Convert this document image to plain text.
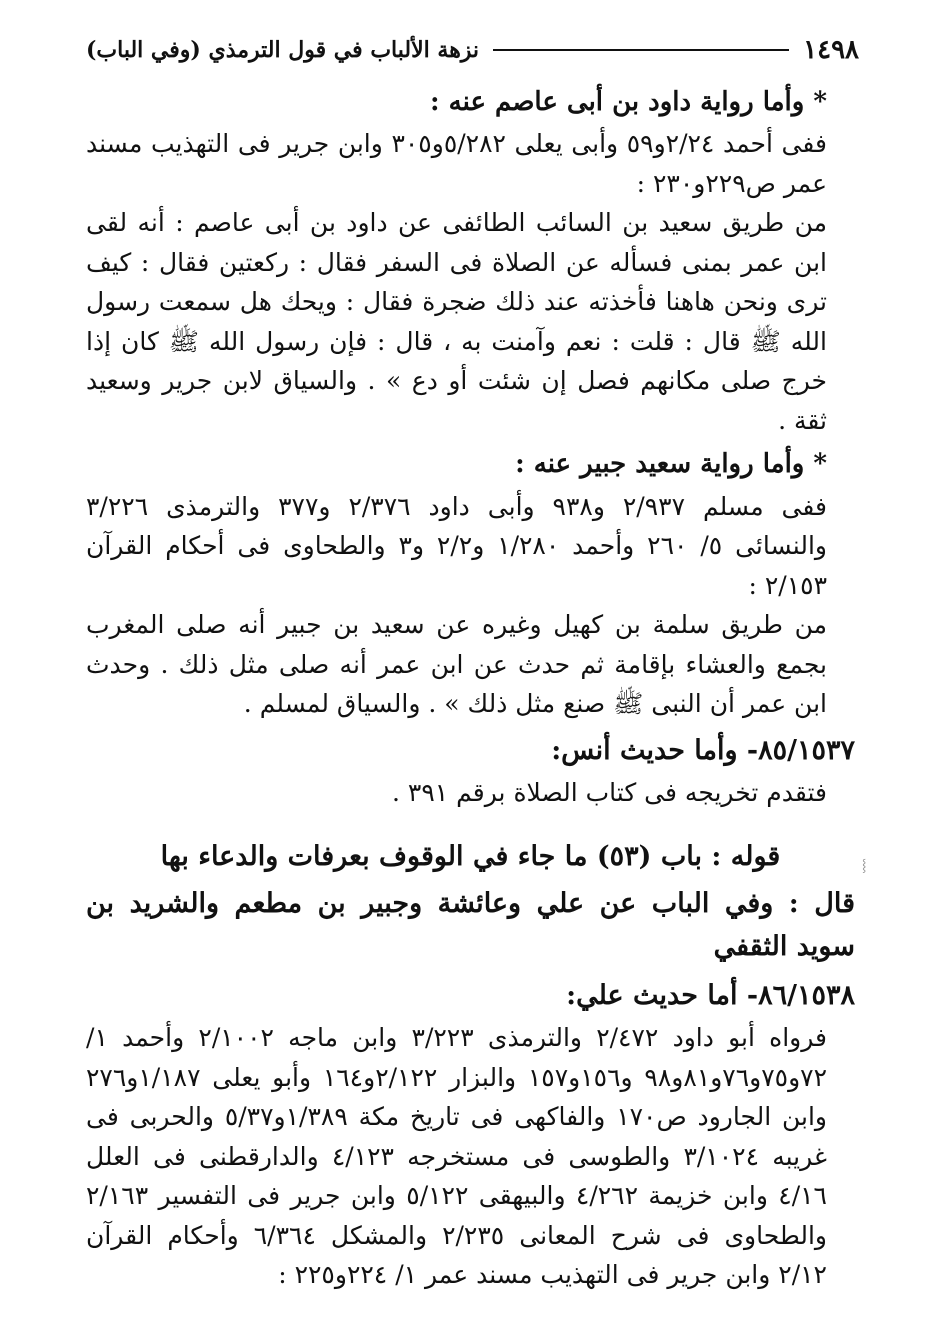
١٤٩٨
نزهة الألباب في قول الترمذي (وفي الباب)
* وأما رواية داود بن أبى عاصم عنه :
ففى أحمد ٢/٢٤و٥٩ وأبى يعلى ٥/٢٨٢و٣٠٥ وابن جرير فى التهذيب مسند عمر ص٢٢٩و٢٣٠ :
من طريق سعيد بن السائب الطائفى عن داود بن أبى عاصم : أنه لقى ابن عمر بمنى فسأله عن الصلاة فى السفر فقال : ركعتين فقال : كيف ترى ونحن هاهنا فأخذته عند ذلك ضجرة فقال : ويحك هل سمعت رسول الله ﷺ قال : قلت : نعم وآمنت به ، قال : فإن رسول الله ﷺ كان إذا خرج صلى مكانهم فصل إن شئت أو دع » . والسياق لابن جرير وسعيد ثقة .
* وأما رواية سعيد جبير عنه :
ففى مسلم ٢/٩٣٧ و٩٣٨ وأبى داود ٢/٣٧٦ و٣٧٧ والترمذى ٣/٢٢٦ والنسائى ٥/ ٢٦٠ وأحمد ١/٢٨٠ و٢/٢ و٣ والطحاوى فى أحكام القرآن ٢/١٥٣ :
من طريق سلمة بن كهيل وغيره عن سعيد بن جبير أنه صلى المغرب بجمع والعشاء بإقامة ثم حدث عن ابن عمر أنه صلى مثل ذلك . وحدث ابن عمر أن النبى ﷺ صنع مثل ذلك » . والسياق لمسلم .
٨٥/١٥٣٧- وأما حديث أنس:
فتقدم تخريجه فى كتاب الصلاة برقم ٣٩١ .
قوله : باب (٥٣) ما جاء في الوقوف بعرفات والدعاء بها
قال : وفي الباب عن علي وعائشة وجبير بن مطعم والشريد بن سويد الثقفي
٨٦/١٥٣٨- أما حديث علي:
فرواه أبو داود ٢/٤٧٢ والترمذى ٣/٢٢٣ وابن ماجه ٢/١٠٠٢ وأحمد ١/ ٧٢و٧٥و٧٦و٨١و٩٨ و١٥٦و١٥٧ والبزار ٢/١٢٢و١٦٤ وأبو يعلى ١/١٨٧و٢٧٦ وابن الجارود ص١٧٠ والفاكهى فى تاريخ مكة ١/٣٨٩و٥/٣٧ والحربى فى غريبه ٣/١٠٢٤ والطوسى فى مستخرجه ٤/١٢٣ والدارقطنى فى العلل ٤/١٦ وابن خزيمة ٤/٢٦٢ والبيهقى ٥/١٢٢ وابن جرير فى التفسير ٢/١٦٣ والطحاوى فى شرح المعانى ٢/٢٣٥ والمشكل ٦/٣٦٤ وأحكام القرآن ٢/١٢ وابن جرير فى التهذيب مسند عمر ١/ ٢٢٤و٢٢٥ :
⸾
